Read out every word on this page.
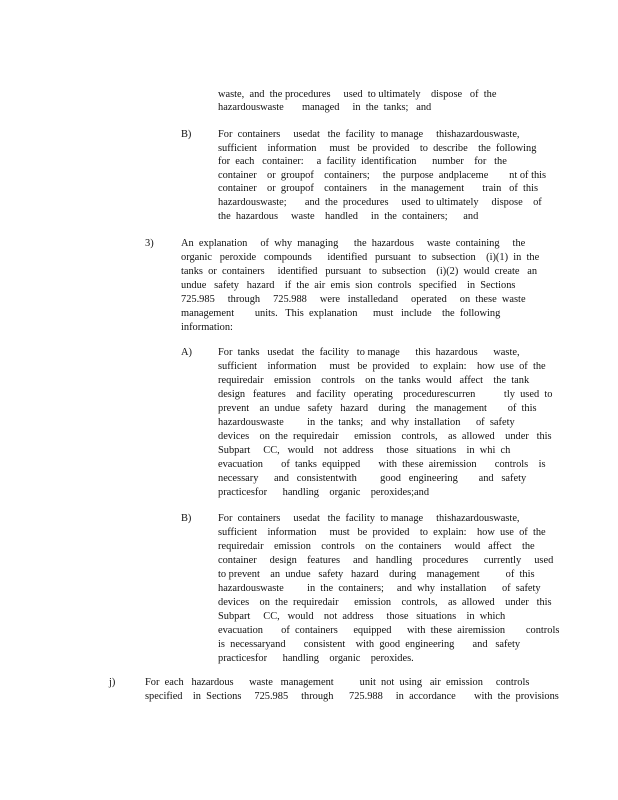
waste,  and  the procedures     used  to ultimately    dispose   of  the
hazardouswaste       managed     in  the  tanks;   and
B)	For  containers     usedat   the  facility  to manage     thishazardouswaste,
sufficient    information     must   be  provided    to  describe    the  following
for  each   container:     a  facility  identification      number    for   the
container    or  groupof    containers;     the  purpose  andplaceme        nt of this
container    or  groupof    containers     in  the  management       train   of  this
hazardouswaste;       and  the  procedures     used  to ultimately     dispose    of
the  hazardous     waste    handled     in  the  containers;      and
3)	An  explanation     of  why  managing      the  hazardous     waste  containing     the
organic   peroxide   compounds      identified   pursuant   to  subsection    (i)(1)  in  the
tanks  or  containers     identified   pursuant   to  subsection    (i)(2)  would  create   an
undue   safety   hazard    if  the  air  emis  sion  controls   specified    in  Sections
725.985     through     725.988     were   installedand     operated     on  these  waste
management        units.   This  explanation      must   include    the  following
information:
A)	For  tanks   usedat   the  facility   to manage      this  hazardous      waste,
sufficient    information     must   be  provided    to  explain:    how  use  of  the
requiredair    emission    controls    on  the  tanks  would   affect    the  tank
design   features    and  facility   operating    procedurescurren           tly  used  to
prevent    an  undue   safety   hazard    during    the  management        of  this
hazardouswaste         in  the  tanks;   and  why  installation      of  safety
devices    on  the  requiredair      emission    controls,    as  allowed    under   this
Subpart     CC,   would    not  address     those   situations    in  whi  ch
evacuation       of  tanks  equipped       with  these  airemission       controls    is
necessary      and   consistentwith         good   engineering        and   safety
practicesfor      handling    organic    peroxides;and
B)	For  containers     usedat   the  facility  to manage     thishazardouswaste,
sufficient    information     must   be  provided    to  explain:    how  use  of  the
requiredair    emission    controls    on  the  containers     would   affect    the
container     design    features     and   handling    procedures      currently     used
to prevent    an  undue   safety   hazard    during    management          of  this
hazardouswaste         in  the  containers;     and  why  installation      of  safety
devices    on  the  requiredair      emission    controls,    as  allowed    under   this
Subpart     CC,   would    not  address     those   situations    in  which
evacuation       of  containers      equipped      with  these  airemission        controls
is  necessaryand       consistent    with  good  engineering       and   safety
practicesfor      handling    organic    peroxides.
j)	For  each   hazardous      waste   management          unit  not  using   air  emission     controls
specified    in  Sections     725.985     through      725.988     in  accordance       with  the  provisions
